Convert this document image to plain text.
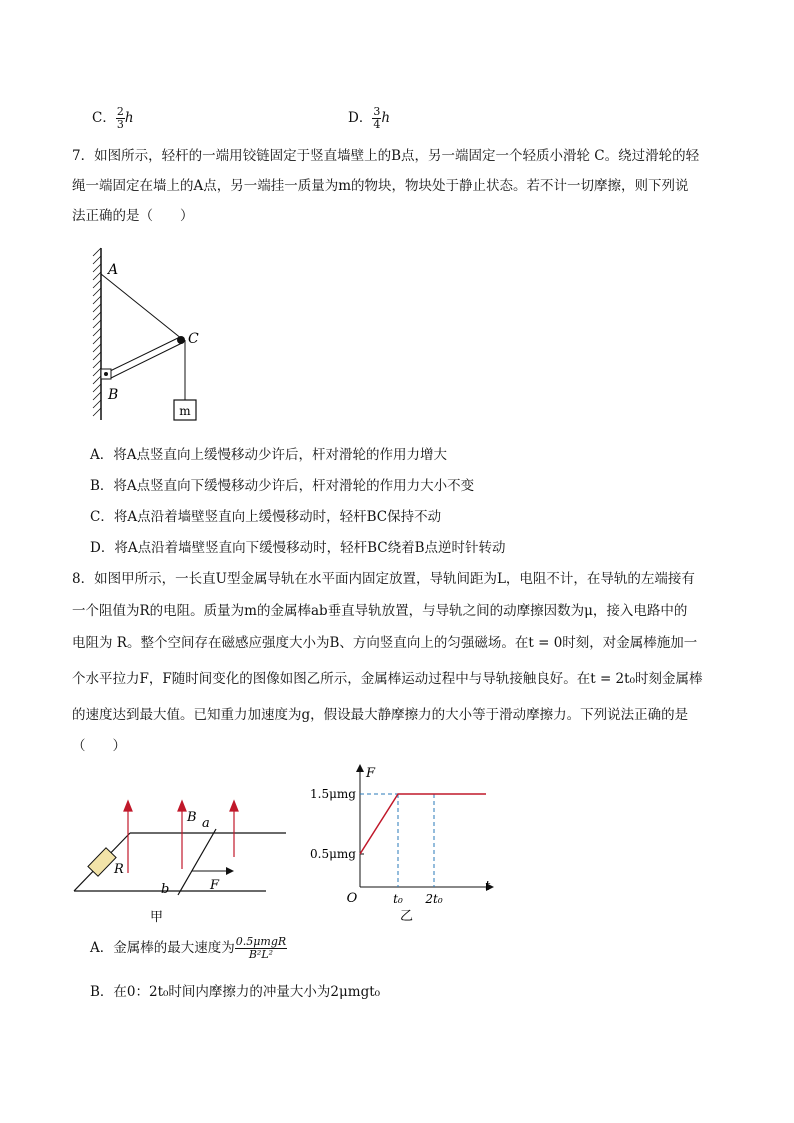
C． $\frac{2}{3}$ h	D． $\frac{3}{4}$ h
7．如图所示，轻杆的一端用铰链固定于竖直墙壁上的B点，另一端固定一个轻质小滑轮 C。绕过滑轮的轻
绳一端固定在墙上的A点，另一端挂一质量为m的物块，物块处于静止状态。若不计一切摩擦，则下列说
法正确的是（　　）
m
A
B
C
A．将A点竖直向上缓慢移动少许后，杆对滑轮的作用力增大
B．将A点竖直向下缓慢移动少许后，杆对滑轮的作用力大小不变
C．将A点沿着墙壁竖直向上缓慢移动时，轻杆BC保持不动
D．将A点沿着墙壁竖直向下缓慢移动时，轻杆BC绕着B点逆时针转动
8．如图甲所示，一长直U型金属导轨在水平面内固定放置，导轨间距为L，电阻不计，在导轨的左端接有
一个阻值为R的电阻。质量为m的金属棒ab垂直导轨放置，与导轨之间的动摩擦因数为μ，接入电路中的
电阻为 R。整个空间存在磁感应强度大小为B、方向竖直向上的匀强磁场。在t = 0时刻，对金属棒施加一
个水平拉力F，F随时间变化的图像如图乙所示，金属棒运动过程中与导轨接触良好。在t = 2t₀时刻金属棒
的速度达到最大值。已知重力加速度为g，假设最大静摩擦力的大小等于滑动摩擦力。下列说法正确的是
（　　）
R
a
b	F
B
甲
F
t
O
1.5μmg
0.5μmg
t₀ 2t₀
乙
A．金属棒的最大速度为 $\frac{\text{0.5μmgR}}{\text{B²L²}}$
B．在0：2t₀时间内摩擦力的冲量大小为2μmgt₀
